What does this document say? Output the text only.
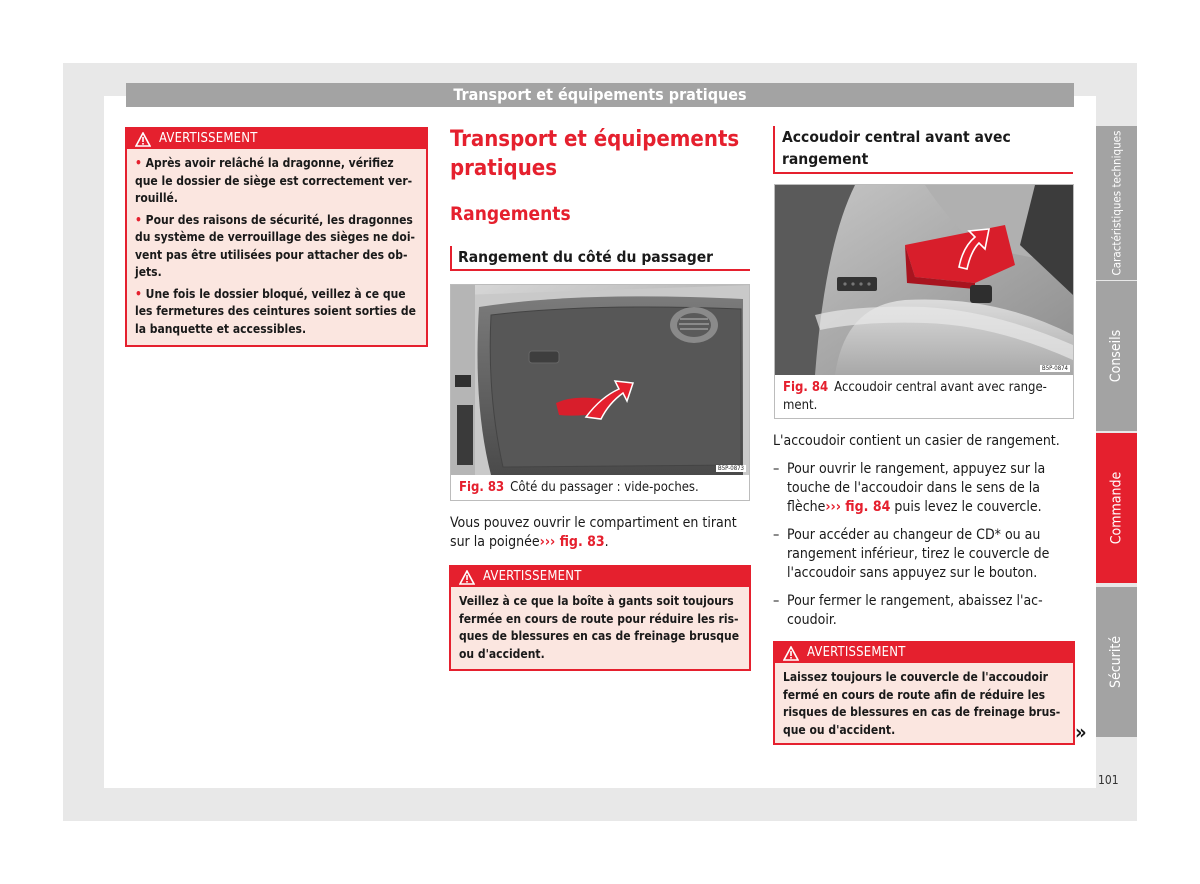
Transport et équipements pratiques
Caractéristiques techniques
Conseils
Commande
Sécurité
AVERTISSEMENT

• Après avoir relâché la dragonne, vérifiez que le dossier de siège est correctement ver-rouillé.

• Pour des raisons de sécurité, les dragonnes du système de verrouillage des sièges ne doi-vent pas être utilisées pour attacher des ob-jets.

• Une fois le dossier bloqué, veillez à ce que les fermetures des ceintures soient sorties de la banquette et accessibles.

Transport et équipements pratiques
Rangements
Rangement du côté du passager
B5P-0873
Fig. 83 Côté du passager : vide-poches.
Vous pouvez ouvrir le compartiment en tirant sur la poignée››› fig. 83.
AVERTISSEMENT

Veillez à ce que la boîte à gants soit toujours fermée en cours de route pour réduire les ris-ques de blessures en cas de freinage brusque ou d'accident.

Accoudoir central avant avec rangement
B5P-0874
Fig. 84 Accoudoir central avant avec range-ment.
L'accoudoir contient un casier de rangement.
– Pour ouvrir le rangement, appuyez sur la touche de l'accoudoir dans le sens de la flèche››› fig. 84 puis levez le couvercle.
– Pour accéder au changeur de CD* ou au rangement inférieur, tirez le couvercle de l'accoudoir sans appuyez sur le bouton.
– Pour fermer le rangement, abaissez l'ac-coudoir.
AVERTISSEMENT

Laissez toujours le couvercle de l'accoudoir fermé en cours de route afin de réduire les risques de blessures en cas de freinage brus-que ou d'accident.	»
101
